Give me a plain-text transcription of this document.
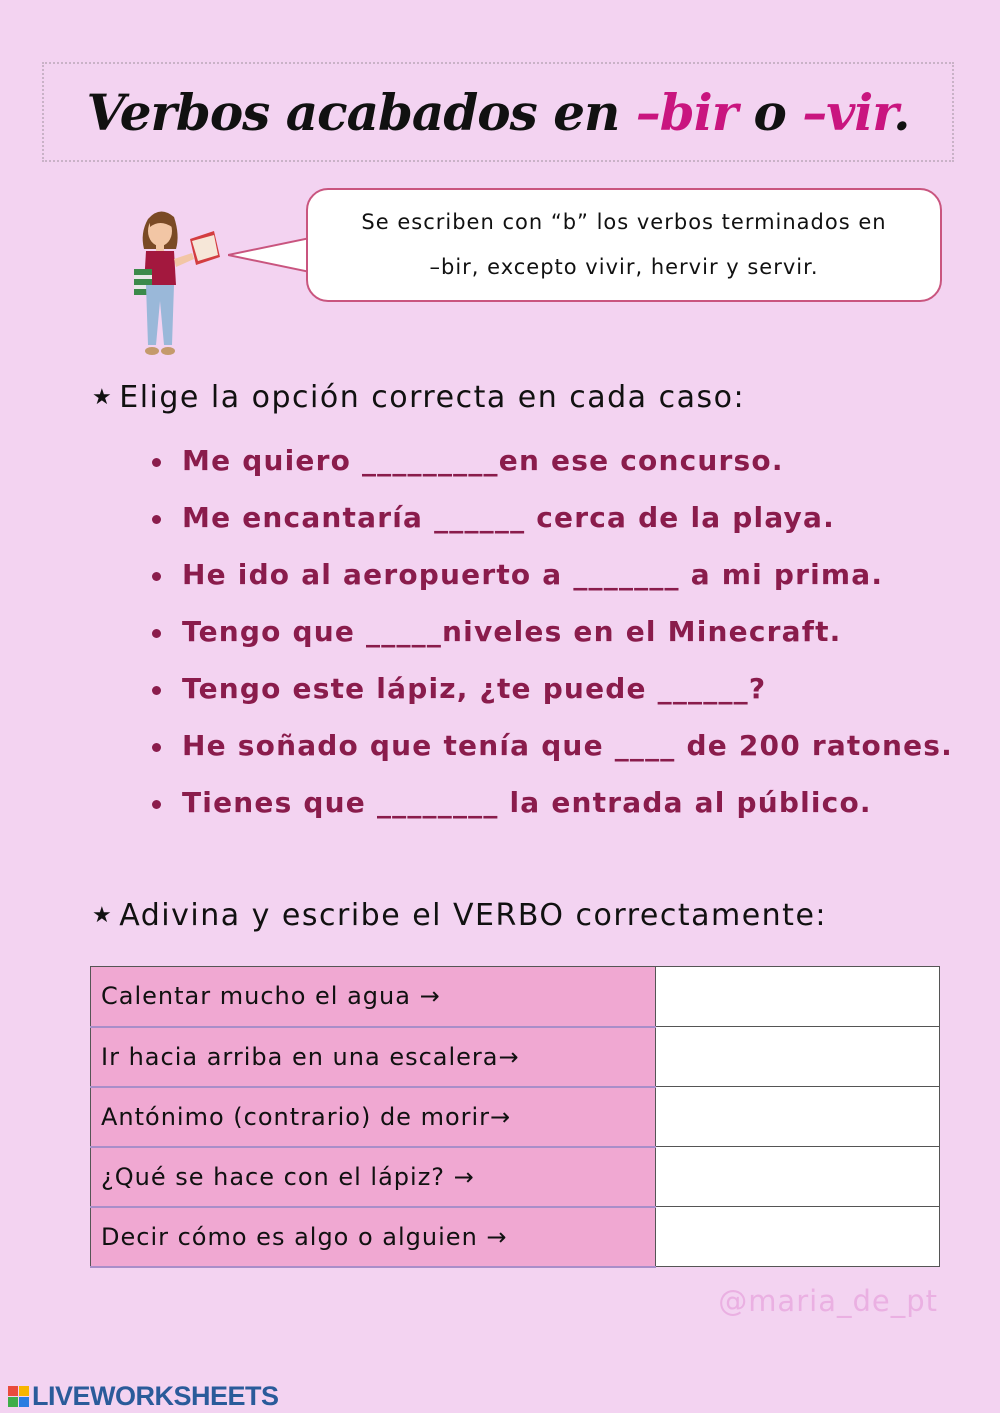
Verbos acabados en –bir o –vir.
Se escriben con “b” los verbos terminados en
–bir, excepto vivir, hervir y servir.
★ Elige la opción correcta en cada caso:
Me quiero _________en ese concurso.
Me encantaría ______ cerca de la playa.
He ido al aeropuerto a _______ a mi prima.
Tengo que _____niveles en el Minecraft.
Tengo este lápiz, ¿te puede ______?
He soñado que tenía que ____ de 200 ratones.
Tienes que ________ la entrada al público.
★ Adivina y escribe el VERBO correctamente:
Calentar mucho el agua →	
Ir hacia arriba en una escalera→	
Antónimo (contrario) de morir→	
¿Qué se hace con el lápiz? →	
Decir cómo es algo o alguien →	
@maria_de_pt
LIVEWORKSHEETS
